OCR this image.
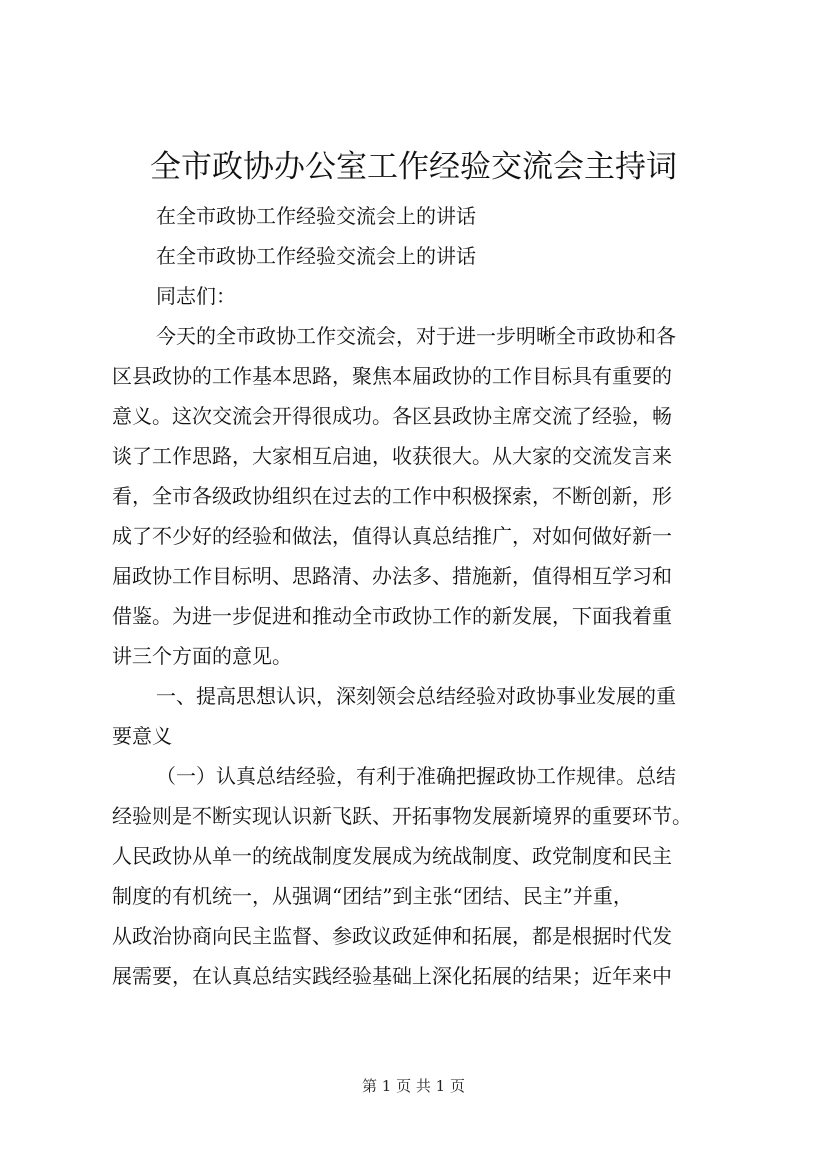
全市政协办公室工作经验交流会主持词
在全市政协工作经验交流会上的讲话
在全市政协工作经验交流会上的讲话
同志们：
今天的全市政协工作交流会，对于进一步明晰全市政协和各
区县政协的工作基本思路，聚焦本届政协的工作目标具有重要的
意义。这次交流会开得很成功。各区县政协主席交流了经验，畅
谈了工作思路，大家相互启迪，收获很大。从大家的交流发言来
看，全市各级政协组织在过去的工作中积极探索，不断创新，形
成了不少好的经验和做法，值得认真总结推广，对如何做好新一
届政协工作目标明、思路清、办法多、措施新，值得相互学习和
借鉴。为进一步促进和推动全市政协工作的新发展，下面我着重
讲三个方面的意见。
一、提高思想认识，深刻领会总结经验对政协事业发展的重
要意义
（一）认真总结经验，有利于准确把握政协工作规律。总结
经验则是不断实现认识新飞跃、开拓事物发展新境界的重要环节。
人民政协从单一的统战制度发展成为统战制度、政党制度和民主
制度的有机统一，从强调“团结”到主张“团结、民主”并重，
从政治协商向民主监督、参政议政延伸和拓展，都是根据时代发
展需要，在认真总结实践经验基础上深化拓展的结果；近年来中
第 1 页 共 1 页
